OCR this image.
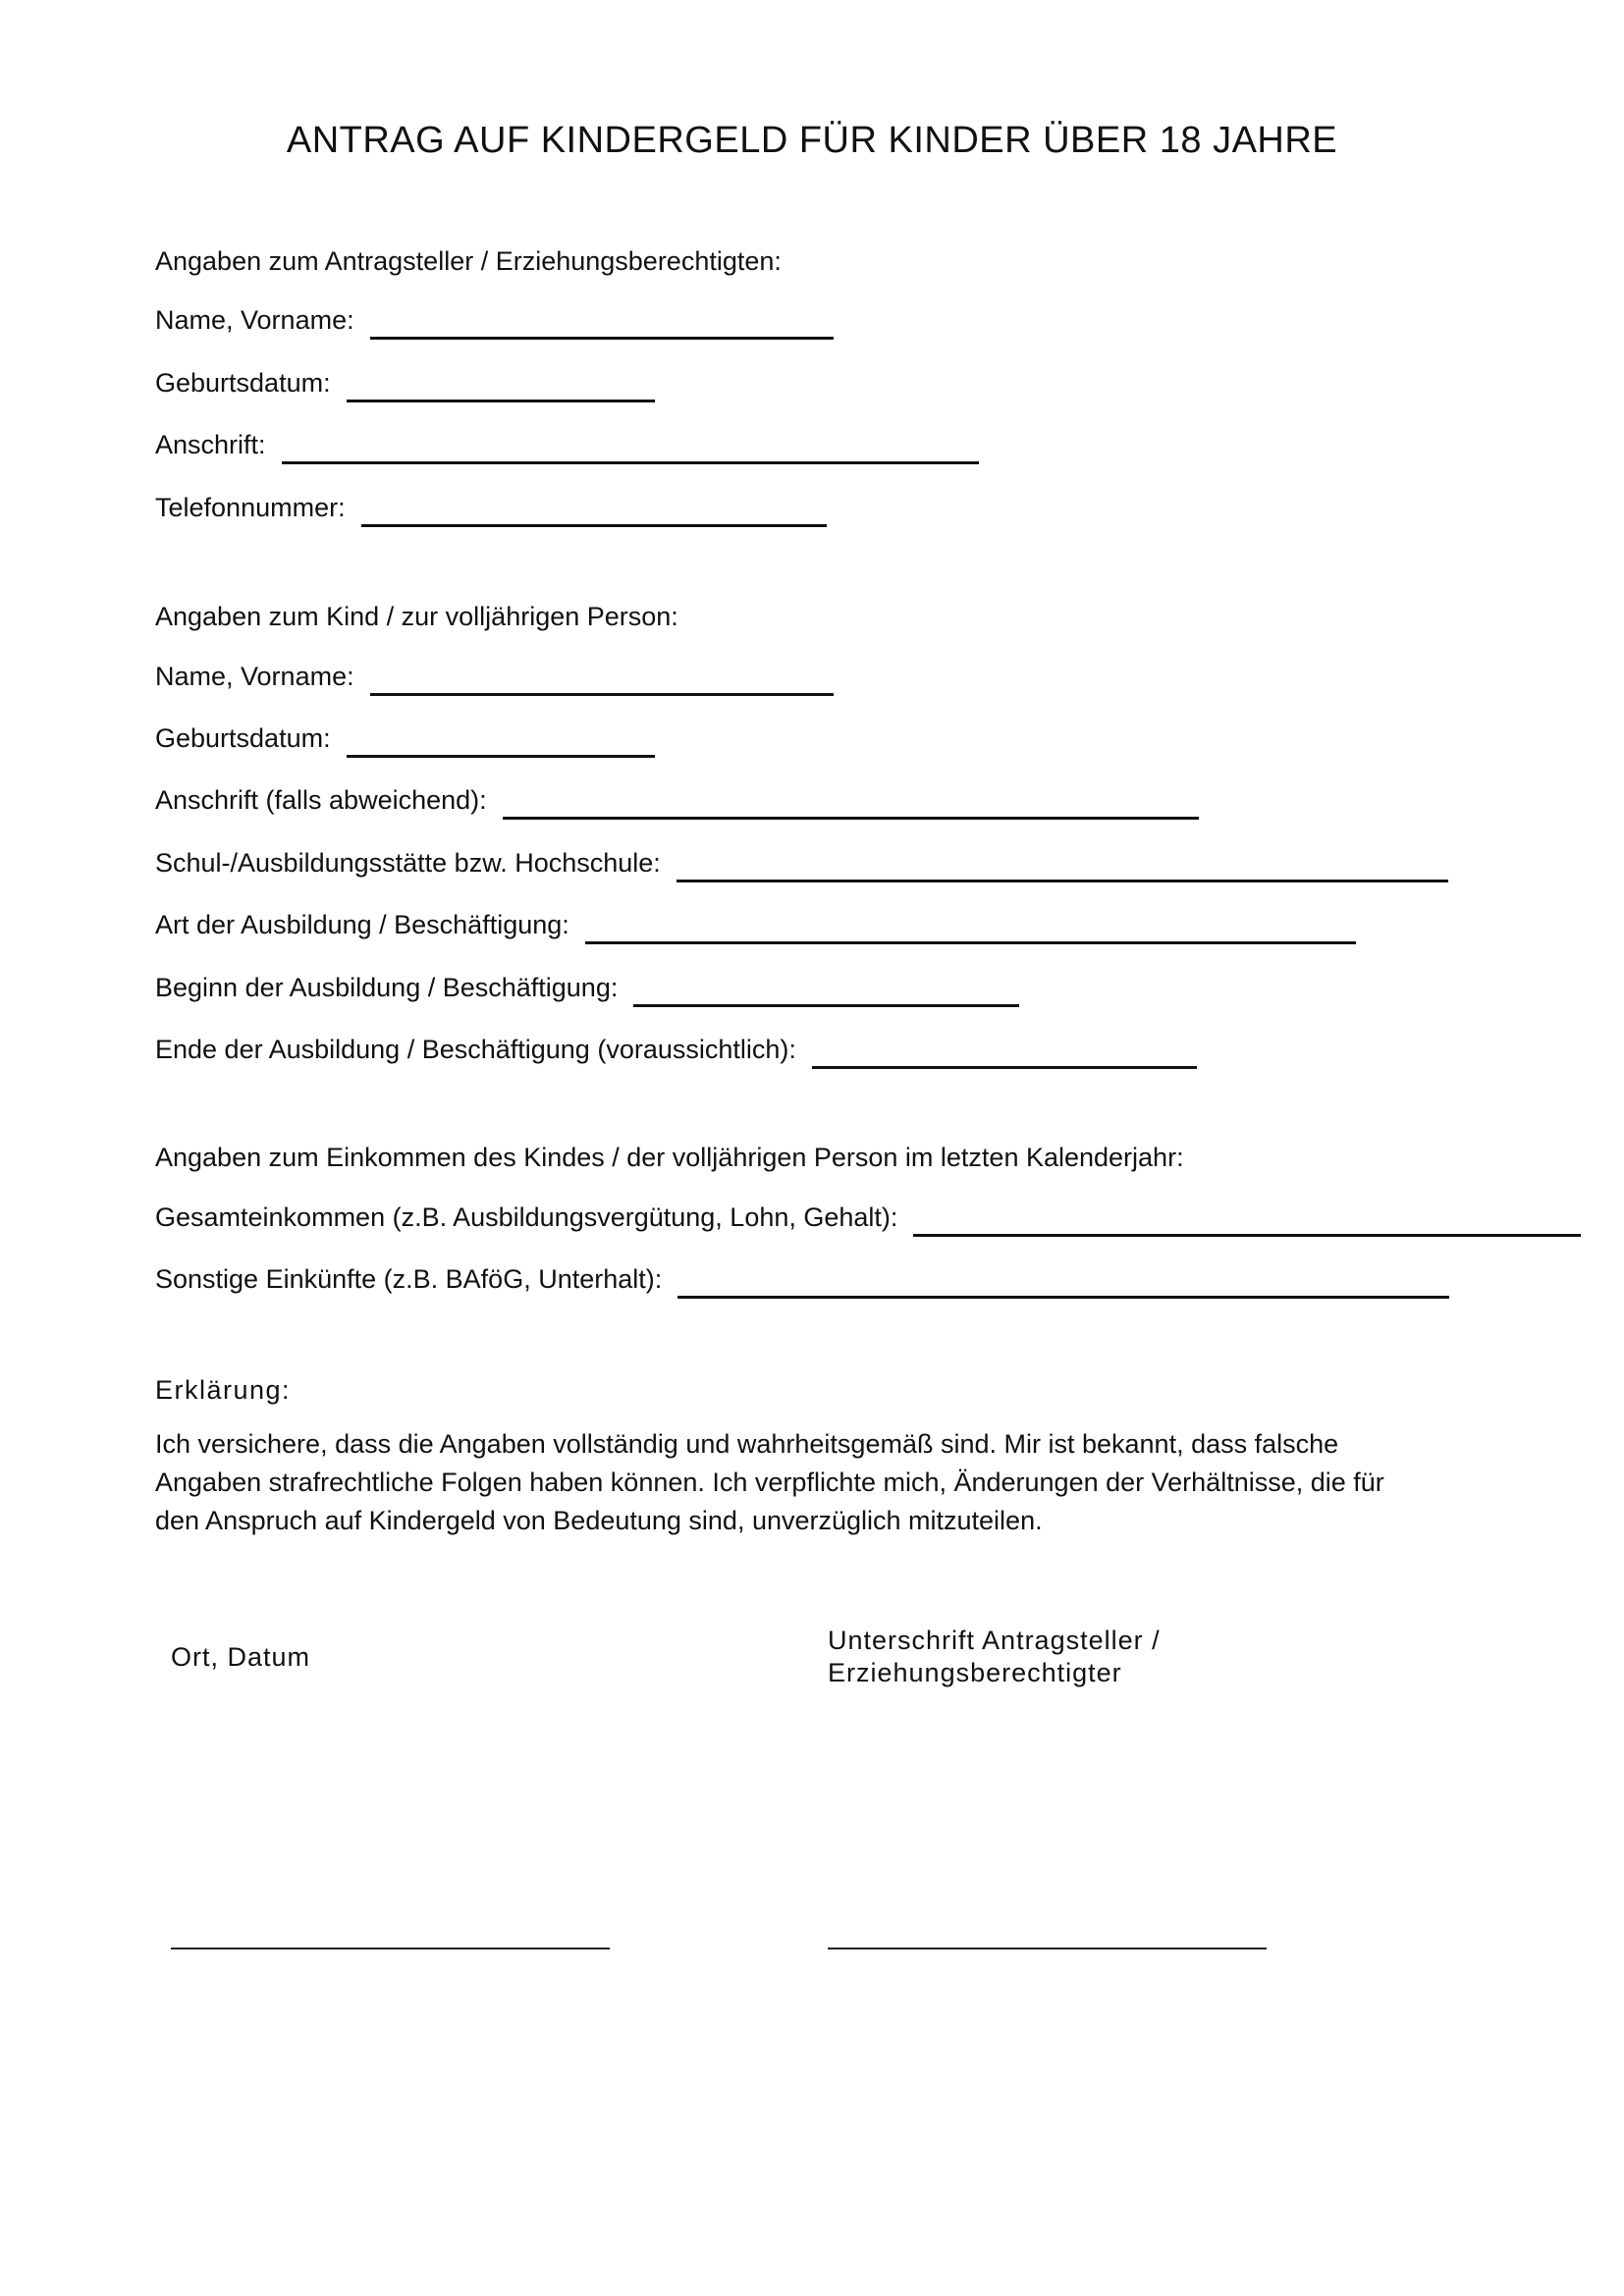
ANTRAG AUF KINDERGELD FÜR KINDER ÜBER 18 JAHRE
Angaben zum Antragsteller / Erziehungsberechtigten:
Name, Vorname:
Geburtsdatum:
Anschrift:
Telefonnummer:
Angaben zum Kind / zur volljährigen Person:
Name, Vorname:
Geburtsdatum:
Anschrift (falls abweichend):
Schul-/Ausbildungsstätte bzw. Hochschule:
Art der Ausbildung / Beschäftigung:
Beginn der Ausbildung / Beschäftigung:
Ende der Ausbildung / Beschäftigung (voraussichtlich):
Angaben zum Einkommen des Kindes / der volljährigen Person im letzten Kalenderjahr:
Gesamteinkommen (z.B. Ausbildungsvergütung, Lohn, Gehalt):
Sonstige Einkünfte (z.B. BAföG, Unterhalt):
Erklärung:
Ich versichere, dass die Angaben vollständig und wahrheitsgemäß sind. Mir ist bekannt, dass falsche
Angaben strafrechtliche Folgen haben können. Ich verpflichte mich, Änderungen der Verhältnisse, die für
den Anspruch auf Kindergeld von Bedeutung sind, unverzüglich mitzuteilen.
Ort, Datum
Unterschrift Antragsteller /
Erziehungsberechtigter
